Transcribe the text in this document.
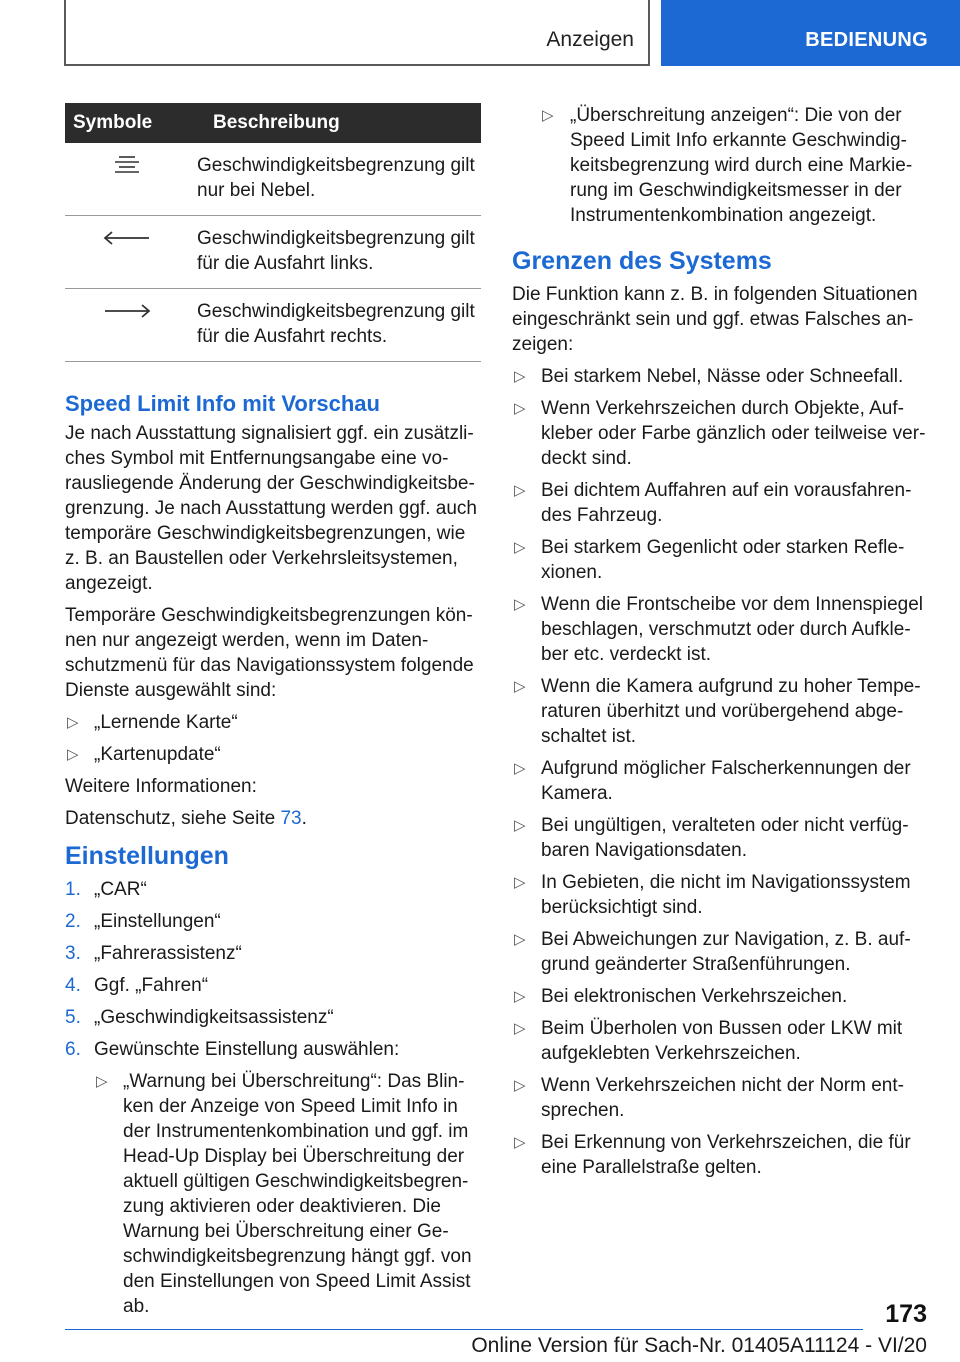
Anzeigen	BEDIENUNG
Symbole	Beschreibung
	Geschwindigkeitsbegrenzung gilt nur bei Nebel.
	Geschwindigkeitsbegrenzung gilt für die Ausfahrt links.
	Geschwindigkeitsbegrenzung gilt für die Ausfahrt rechts.
Speed Limit Info mit Vorschau

Je nach Ausstattung signalisiert ggf. ein zusätzliches Symbol mit Entfernungsangabe eine vorausliegende Änderung der Geschwindigkeitsbegrenzung. Je nach Ausstattung werden ggf. auch temporäre Geschwindigkeitsbegrenzungen, wie z. B. an Baustellen oder Verkehrsleitsystemen, angezeigt.

Temporäre Geschwindigkeitsbegrenzungen können nur angezeigt werden, wenn im Datenschutzmenü für das Navigationssystem folgende Dienste ausgewählt sind:

▷ „Lernende Karte“
▷ „Kartenupdate“

Weitere Informationen:

Datenschutz, siehe Seite 73.

Einstellungen
1. „CAR“
2. „Einstellungen“
3. „Fahrerassistenz“
4. Ggf. „Fahren“
5. „Geschwindigkeitsassistenz“
6. Gewünschte Einstellung auswählen:
▷ „Warnung bei Überschreitung“: Das Blinken der Anzeige von Speed Limit Info in der Instrumentenkombination und ggf. im Head-Up Display bei Überschreitung der aktuell gültigen Geschwindigkeitsbegrenzung aktivieren oder deaktivieren. Die Warnung bei Überschreitung einer Geschwindigkeitsbegrenzung hängt ggf. von den Einstellungen von Speed Limit Assist ab.
▷ „Überschreitung anzeigen“: Die von der Speed Limit Info erkannte Geschwindigkeitsbegrenzung wird durch eine Markierung im Geschwindigkeitsmesser in der Instrumentenkombination angezeigt.
Grenzen des Systems

Die Funktion kann z. B. in folgenden Situationen eingeschränkt sein und ggf. etwas Falsches anzeigen:

▷ Bei starkem Nebel, Nässe oder Schneefall.
▷ Wenn Verkehrszeichen durch Objekte, Aufkleber oder Farbe gänzlich oder teilweise verdeckt sind.
▷ Bei dichtem Auffahren auf ein vorausfahrendes Fahrzeug.
▷ Bei starkem Gegenlicht oder starken Reflexionen.
▷ Wenn die Frontscheibe vor dem Innenspiegel beschlagen, verschmutzt oder durch Aufkleber etc. verdeckt ist.
▷ Wenn die Kamera aufgrund zu hoher Temperaturen überhitzt und vorübergehend abgeschaltet ist.
▷ Aufgrund möglicher Falscherkennungen der Kamera.
▷ Bei ungültigen, veralteten oder nicht verfügbaren Navigationsdaten.
▷ In Gebieten, die nicht im Navigationssystem berücksichtigt sind.
▷ Bei Abweichungen zur Navigation, z. B. aufgrund geänderter Straßenführungen.
▷ Bei elektronischen Verkehrszeichen.
▷ Beim Überholen von Bussen oder LKW mit aufgeklebten Verkehrszeichen.
▷ Wenn Verkehrszeichen nicht der Norm entsprechen.
▷ Bei Erkennung von Verkehrszeichen, die für eine Parallelstraße gelten.
173
Online Version für Sach-Nr. 01405A11124 - VI/20
